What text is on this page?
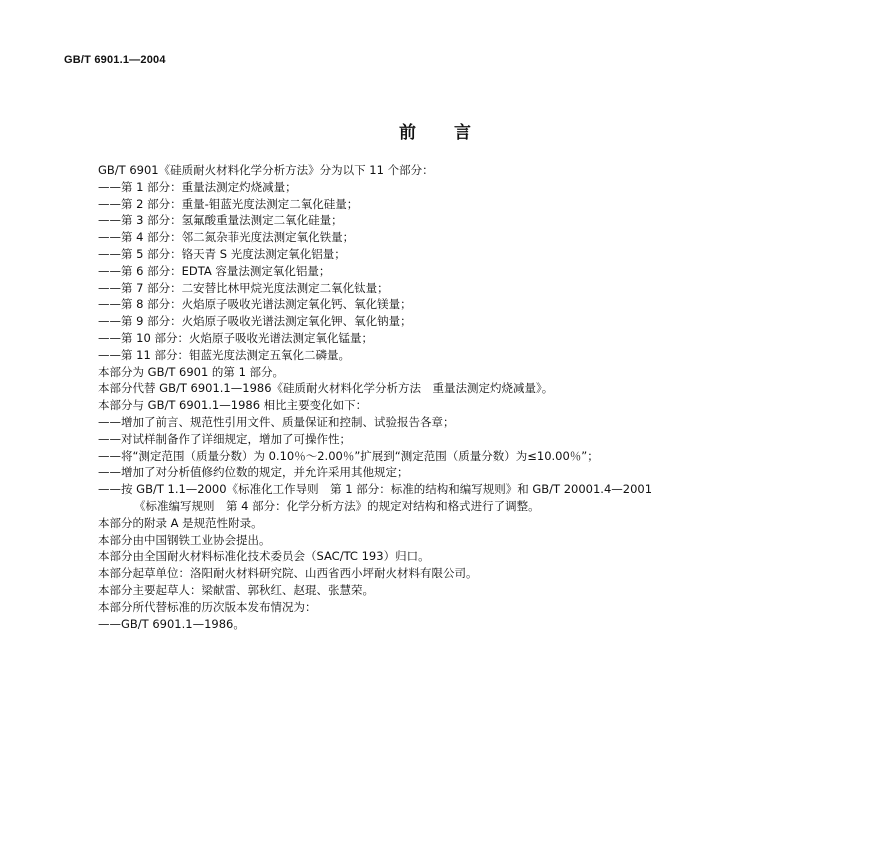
GB/T 6901.1—2004
前言
GB/T 6901《硅质耐火材料化学分析方法》分为以下 11 个部分：
——第 1 部分：重量法测定灼烧减量；
——第 2 部分：重量-钼蓝光度法测定二氧化硅量；
——第 3 部分：氢氟酸重量法测定二氧化硅量；
——第 4 部分：邻二氮杂菲光度法测定氧化铁量；
——第 5 部分：铬天青 S 光度法测定氧化铝量；
——第 6 部分：EDTA 容量法测定氧化铝量；
——第 7 部分：二安替比林甲烷光度法测定二氧化钛量；
——第 8 部分：火焰原子吸收光谱法测定氧化钙、氧化镁量；
——第 9 部分：火焰原子吸收光谱法测定氧化钾、氧化钠量；
——第 10 部分：火焰原子吸收光谱法测定氧化锰量；
——第 11 部分：钼蓝光度法测定五氧化二磷量。
本部分为 GB/T 6901 的第 1 部分。
本部分代替 GB/T 6901.1—1986《硅质耐火材料化学分析方法　重量法测定灼烧减量》。
本部分与 GB/T 6901.1—1986 相比主要变化如下：
——增加了前言、规范性引用文件、质量保证和控制、试验报告各章；
——对试样制备作了详细规定，增加了可操作性；
——将“测定范围（质量分数）为 0.10％～2.00％”扩展到“测定范围（质量分数）为≤10.00％”；
——增加了对分析值修约位数的规定，并允许采用其他规定；
——按 GB/T 1.1—2000《标准化工作导则　第 1 部分：标准的结构和编写规则》和 GB/T 20001.4—2001
《标准编写规则　第 4 部分：化学分析方法》的规定对结构和格式进行了调整。
本部分的附录 A 是规范性附录。
本部分由中国钢铁工业协会提出。
本部分由全国耐火材料标准化技术委员会（SAC/TC 193）归口。
本部分起草单位：洛阳耐火材料研究院、山西省西小坪耐火材料有限公司。
本部分主要起草人：梁献雷、郭秋红、赵琨、张慧荣。
本部分所代替标准的历次版本发布情况为：
——GB/T 6901.1—1986。
